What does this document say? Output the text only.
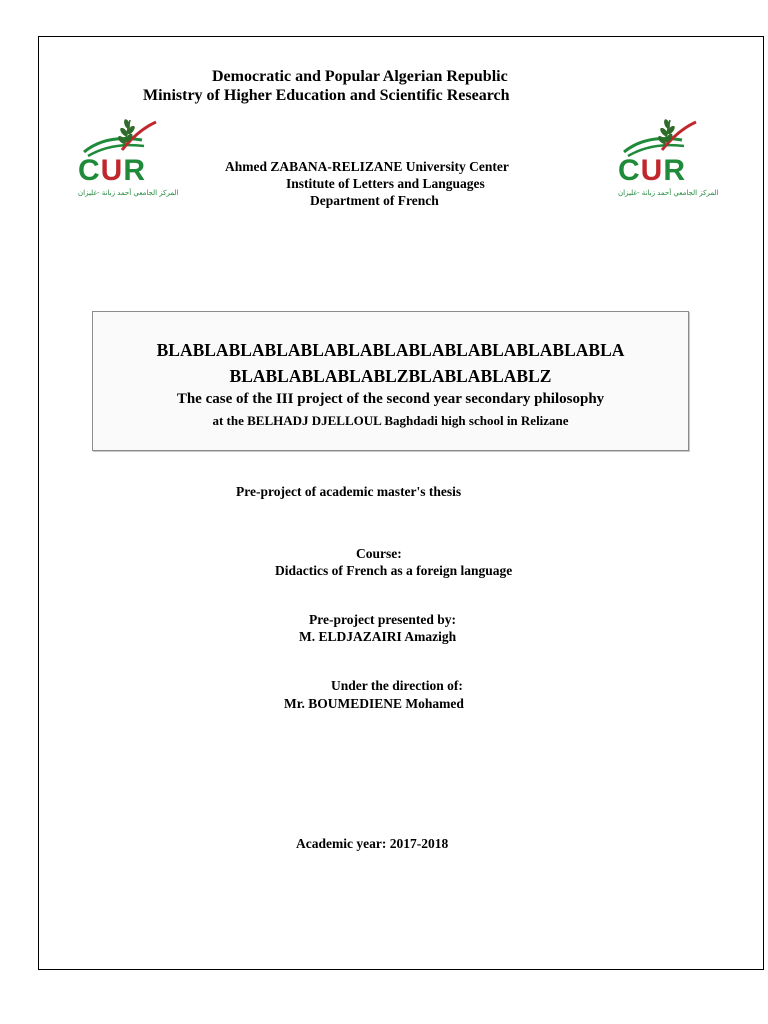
Democratic and Popular Algerian Republic
Ministry of Higher Education and Scientific Research
CUR
المركز الجامعي أحمد زبانة -غليزان
CUR
المركز الجامعي أحمد زبانة -غليزان
Ahmed ZABANA-RELIZANE University Center
Institute of Letters and Languages
Department of French
BLABLABLABLABLABLABLABLABLABLABLABLABLA
BLABLABLABLABLZBLABLABLABLZ
The case of the III project of the second year secondary philosophy
at the BELHADJ DJELLOUL Baghdadi high school in Relizane
Pre-project of academic master's thesis
Course:
Didactics of French as a foreign language
Pre-project presented by:
M. ELDJAZAIRI Amazigh
Under the direction of:
Mr. BOUMEDIENE Mohamed
Academic year: 2017-2018
